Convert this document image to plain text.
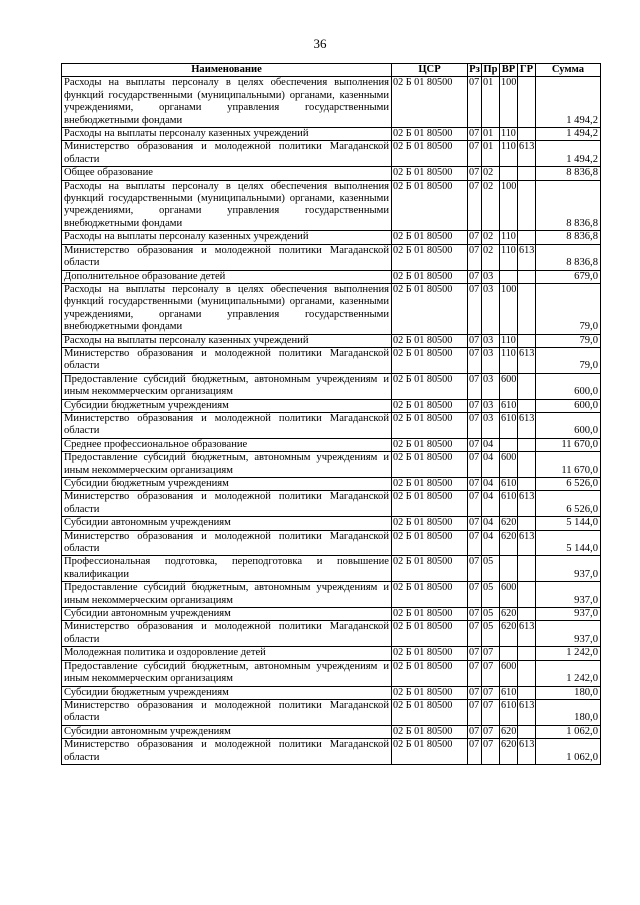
36
Наименование	ЦСР	Рз	Пр	ВР	ГР	Сумма
Расходы на выплаты персоналу в целях обеспечения выполнения функций государственными (муниципальными) органами, казенными учреждениями, органами управления государственными внебюджетными фондами	02 Б 01 80500	07	01	100		1 494,2
Расходы на выплаты персоналу казенных учреждений	02 Б 01 80500	07	01	110		1 494,2
Министерство образования и молодежной политики Магаданской области	02 Б 01 80500	07	01	110	613	1 494,2
Общее образование	02 Б 01 80500	07	02			8 836,8
Расходы на выплаты персоналу в целях обеспечения выполнения функций государственными (муниципальными) органами, казенными учреждениями, органами управления государственными внебюджетными фондами	02 Б 01 80500	07	02	100		8 836,8
Расходы на выплаты персоналу казенных учреждений	02 Б 01 80500	07	02	110		8 836,8
Министерство образования и молодежной политики Магаданской области	02 Б 01 80500	07	02	110	613	8 836,8
Дополнительное образование детей	02 Б 01 80500	07	03			679,0
Расходы на выплаты персоналу в целях обеспечения выполнения функций государственными (муниципальными) органами, казенными учреждениями, органами управления государственными внебюджетными фондами	02 Б 01 80500	07	03	100		79,0
Расходы на выплаты персоналу казенных учреждений	02 Б 01 80500	07	03	110		79,0
Министерство образования и молодежной политики Магаданской области	02 Б 01 80500	07	03	110	613	79,0
Предоставление субсидий бюджетным, автономным учреждениям и иным некоммерческим организациям	02 Б 01 80500	07	03	600		600,0
Субсидии бюджетным учреждениям	02 Б 01 80500	07	03	610		600,0
Министерство образования и молодежной политики Магаданской области	02 Б 01 80500	07	03	610	613	600,0
Среднее профессиональное образование	02 Б 01 80500	07	04			11 670,0
Предоставление субсидий бюджетным, автономным учреждениям и иным некоммерческим организациям	02 Б 01 80500	07	04	600		11 670,0
Субсидии бюджетным учреждениям	02 Б 01 80500	07	04	610		6 526,0
Министерство образования и молодежной политики Магаданской области	02 Б 01 80500	07	04	610	613	6 526,0
Субсидии автономным учреждениям	02 Б 01 80500	07	04	620		5 144,0
Министерство образования и молодежной политики Магаданской области	02 Б 01 80500	07	04	620	613	5 144,0
Профессиональная подготовка, переподготовка и повышение квалификации	02 Б 01 80500	07	05			937,0
Предоставление субсидий бюджетным, автономным учреждениям и иным некоммерческим организациям	02 Б 01 80500	07	05	600		937,0
Субсидии автономным учреждениям	02 Б 01 80500	07	05	620		937,0
Министерство образования и молодежной политики Магаданской области	02 Б 01 80500	07	05	620	613	937,0
Молодежная политика и оздоровление детей	02 Б 01 80500	07	07			1 242,0
Предоставление субсидий бюджетным, автономным учреждениям и иным некоммерческим организациям	02 Б 01 80500	07	07	600		1 242,0
Субсидии бюджетным учреждениям	02 Б 01 80500	07	07	610		180,0
Министерство образования и молодежной политики Магаданской области	02 Б 01 80500	07	07	610	613	180,0
Субсидии автономным учреждениям	02 Б 01 80500	07	07	620		1 062,0
Министерство образования и молодежной политики Магаданской области	02 Б 01 80500	07	07	620	613	1 062,0
